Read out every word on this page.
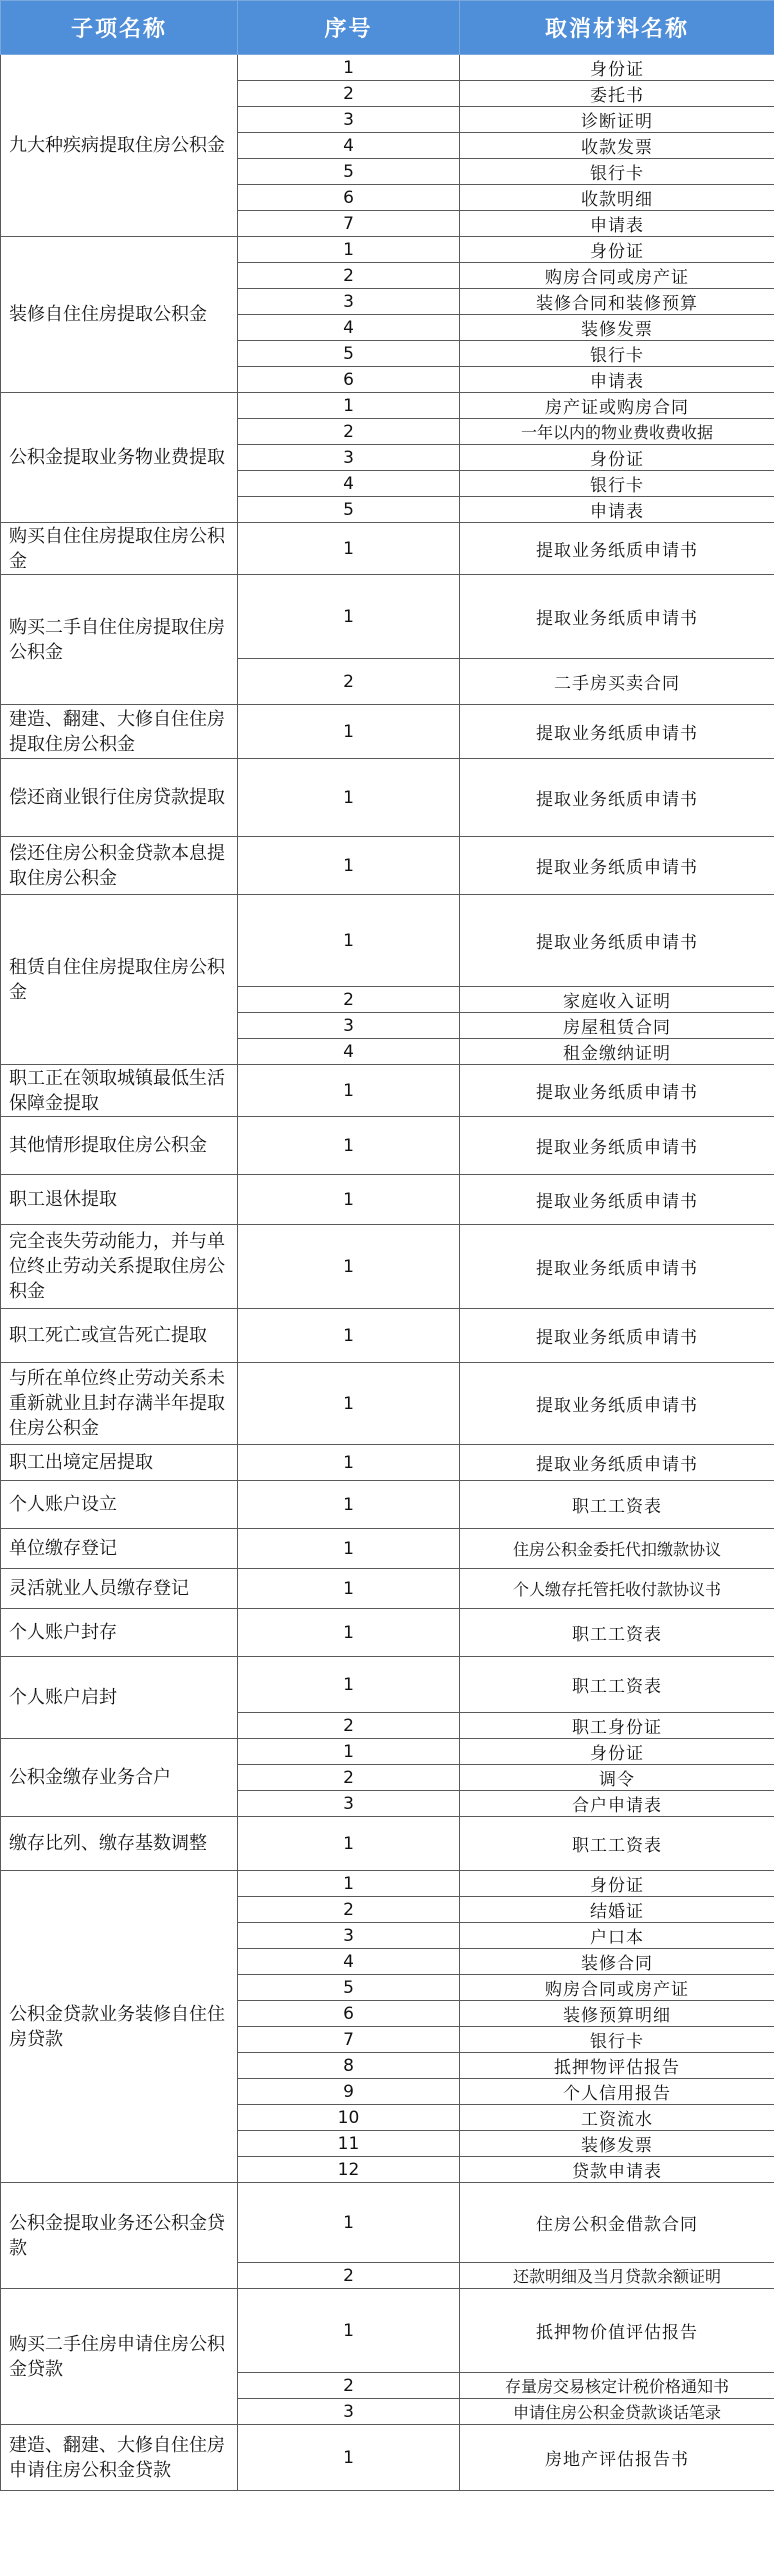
子项名称	序号	取消材料名称
九大种疾病提取住房公积金	1	身份证
	2	委托书
	3	诊断证明
	4	收款发票
	5	银行卡
	6	收款明细
	7	申请表
装修自住住房提取公积金	1	身份证
	2	购房合同或房产证
	3	装修合同和装修预算
	4	装修发票
	5	银行卡
	6	申请表
公积金提取业务物业费提取	1	房产证或购房合同
	2	一年以内的物业费收费收据
	3	身份证
	4	银行卡
	5	申请表
购买自住住房提取住房公积金	1	提取业务纸质申请书
购买二手自住住房提取住房公积金	1	提取业务纸质申请书
	2	二手房买卖合同
建造、翻建、大修自住住房提取住房公积金	1	提取业务纸质申请书
偿还商业银行住房贷款提取	1	提取业务纸质申请书
偿还住房公积金贷款本息提取住房公积金	1	提取业务纸质申请书
租赁自住住房提取住房公积金	1	提取业务纸质申请书
	2	家庭收入证明
	3	房屋租赁合同
	4	租金缴纳证明
职工正在领取城镇最低生活保障金提取	1	提取业务纸质申请书
其他情形提取住房公积金	1	提取业务纸质申请书
职工退休提取	1	提取业务纸质申请书
完全丧失劳动能力，并与单位终止劳动关系提取住房公积金	1	提取业务纸质申请书
职工死亡或宣告死亡提取	1	提取业务纸质申请书
与所在单位终止劳动关系未重新就业且封存满半年提取住房公积金	1	提取业务纸质申请书
职工出境定居提取	1	提取业务纸质申请书
个人账户设立	1	职工工资表
单位缴存登记	1	住房公积金委托代扣缴款协议
灵活就业人员缴存登记	1	个人缴存托管托收付款协议书
个人账户封存	1	职工工资表
个人账户启封	1	职工工资表
	2	职工身份证
公积金缴存业务合户	1	身份证
	2	调令
	3	合户申请表
缴存比列、缴存基数调整	1	职工工资表
公积金贷款业务装修自住住房贷款	1	身份证
	2	结婚证
	3	户口本
	4	装修合同
	5	购房合同或房产证
	6	装修预算明细
	7	银行卡
	8	抵押物评估报告
	9	个人信用报告
	10	工资流水
	11	装修发票
	12	贷款申请表
公积金提取业务还公积金贷款	1	住房公积金借款合同
	2	还款明细及当月贷款余额证明
购买二手住房申请住房公积金贷款	1	抵押物价值评估报告
	2	存量房交易核定计税价格通知书
	3	申请住房公积金贷款谈话笔录
建造、翻建、大修自住住房申请住房公积金贷款	1	房地产评估报告书
